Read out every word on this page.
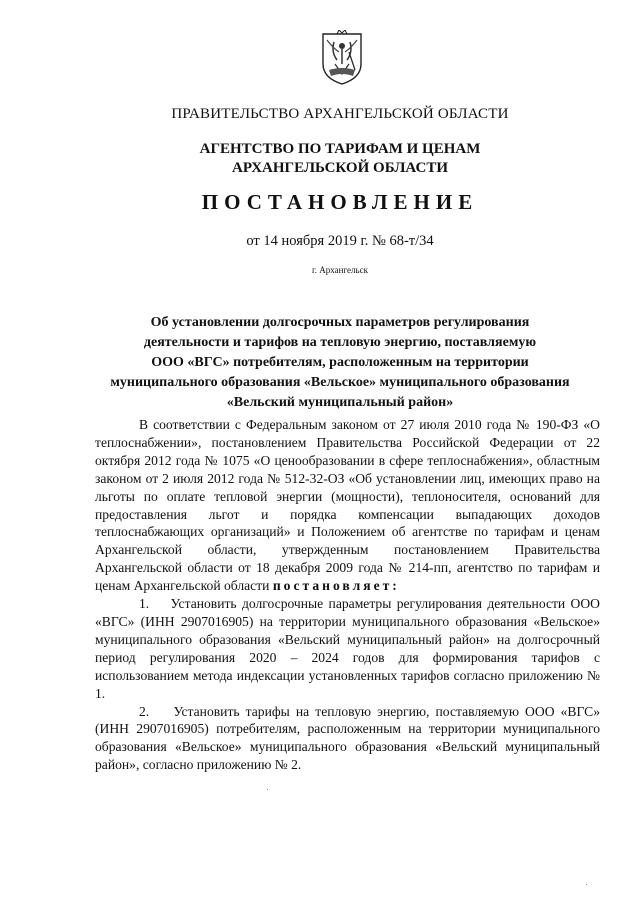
ПРАВИТЕЛЬСТВО АРХАНГЕЛЬСКОЙ ОБЛАСТИ
АГЕНТСТВО ПО ТАРИФАМ И ЦЕНАМ
АРХАНГЕЛЬСКОЙ ОБЛАСТИ
ПОСТАНОВЛЕНИЕ
от 14 ноября 2019 г. № 68-т/34
г. Архангельск
Об установлении долгосрочных параметров регулирования
деятельности и тарифов на тепловую энергию, поставляемую
ООО «ВГС» потребителям, расположенным на территории
муниципального образования «Вельское» муниципального образования
«Вельский муниципальный район»

В соответствии с Федеральным законом от 27 июля 2010 года № 190-ФЗ «О теплоснабжении», постановлением Правительства Российской Федерации от 22 октября 2012 года № 1075 «О ценообразовании в сфере теплоснабжения», областным законом от 2 июля 2012 года № 512-32-ОЗ «Об установлении лиц, имеющих право на льготы по оплате тепловой энергии (мощности), теплоносителя, оснований для предоставления льгот и порядка компенсации выпадающих доходов теплоснабжающих организаций» и Положением об агентстве по тарифам и ценам Архангельской области, утвержденным постановлением Правительства Архангельской области от 18 декабря 2009 года № 214-пп, агентство по тарифам и ценам Архангельской области постановляет:

1.    Установить долгосрочные параметры регулирования деятельности ООО «ВГС» (ИНН 2907016905) на территории муниципального образования «Вельское» муниципального образования «Вельский муниципальный район» на долгосрочный период регулирования 2020 – 2024 годов для формирования тарифов с использованием метода индексации установленных тарифов согласно приложению № 1.

2.    Установить тарифы на тепловую энергию, поставляемую ООО «ВГС» (ИНН 2907016905) потребителям, расположенным на территории муниципального образования «Вельское» муниципального образования «Вельский муниципальный район», согласно приложению № 2.
